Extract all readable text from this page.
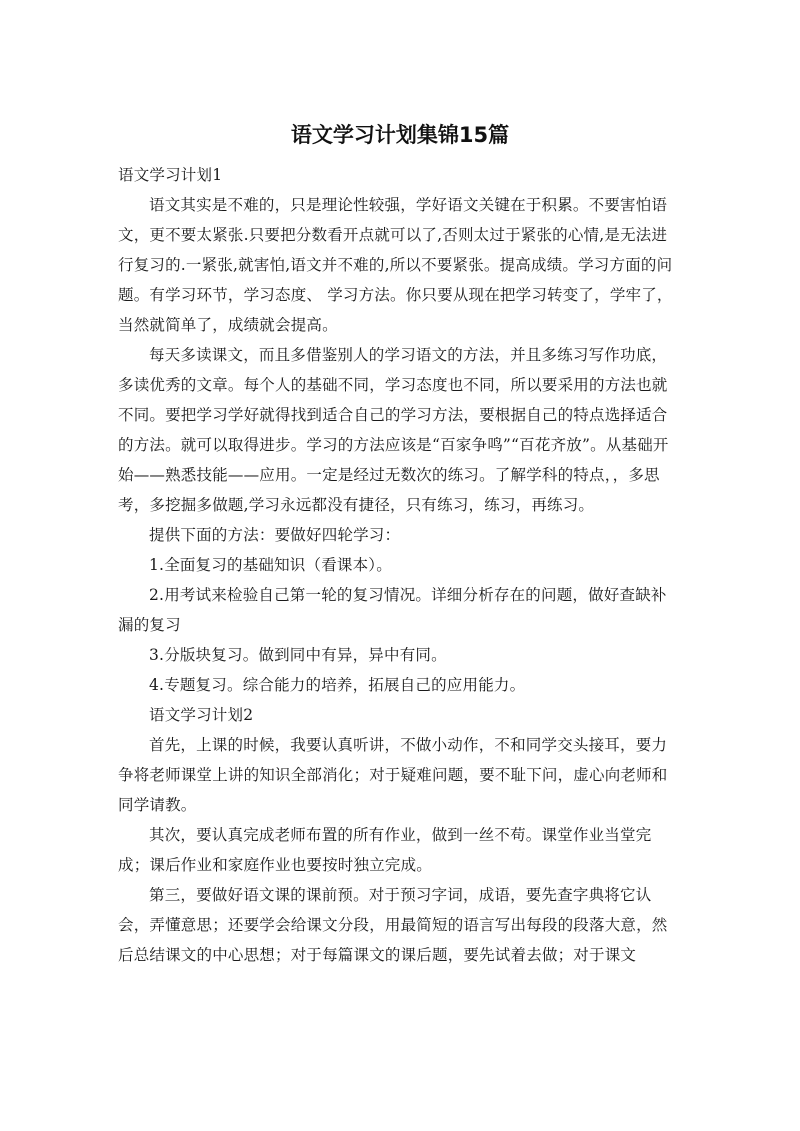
语文学习计划集锦15篇

语文学习计划1

语文其实是不难的，只是理论性较强，学好语文关键在于积累。不要害怕语文，更不要太紧张.只要把分数看开点就可以了,否则太过于紧张的心情,是无法进行复习的.一紧张,就害怕,语文并不难的,所以不要紧张。提高成绩。学习方面的问题。有学习环节，学习态度、 学习方法。你只要从现在把学习转变了，学牢了，当然就简单了，成绩就会提高。

每天多读课文，而且多借鉴别人的学习语文的方法，并且多练习写作功底，多读优秀的文章。每个人的基础不同，学习态度也不同，所以要采用的方法也就不同。要把学习学好就得找到适合自己的学习方法，要根据自己的特点选择适合的方法。就可以取得进步。学习的方法应该是“百家争鸣”“百花齐放”。从基础开始——熟悉技能——应用。一定是经过无数次的练习。了解学科的特点，，多思考，多挖掘多做题,学习永远都没有捷径，只有练习，练习，再练习。

提供下面的方法：要做好四轮学习：

1.全面复习的基础知识（看课本）。

2.用考试来检验自己第一轮的复习情况。详细分析存在的问题，做好查缺补漏的复习

3.分版块复习。做到同中有异，异中有同。

4.专题复习。综合能力的培养，拓展自己的应用能力。

语文学习计划2

首先，上课的时候，我要认真听讲，不做小动作，不和同学交头接耳，要力争将老师课堂上讲的知识全部消化；对于疑难问题，要不耻下问，虚心向老师和同学请教。

其次，要认真完成老师布置的所有作业，做到一丝不苟。课堂作业当堂完成；课后作业和家庭作业也要按时独立完成。

第三，要做好语文课的课前预。对于预习字词，成语，要先查字典将它认会，弄懂意思；还要学会给课文分段，用最简短的语言写出每段的段落大意，然后总结课文的中心思想；对于每篇课文的课后题，要先试着去做；对于课文
